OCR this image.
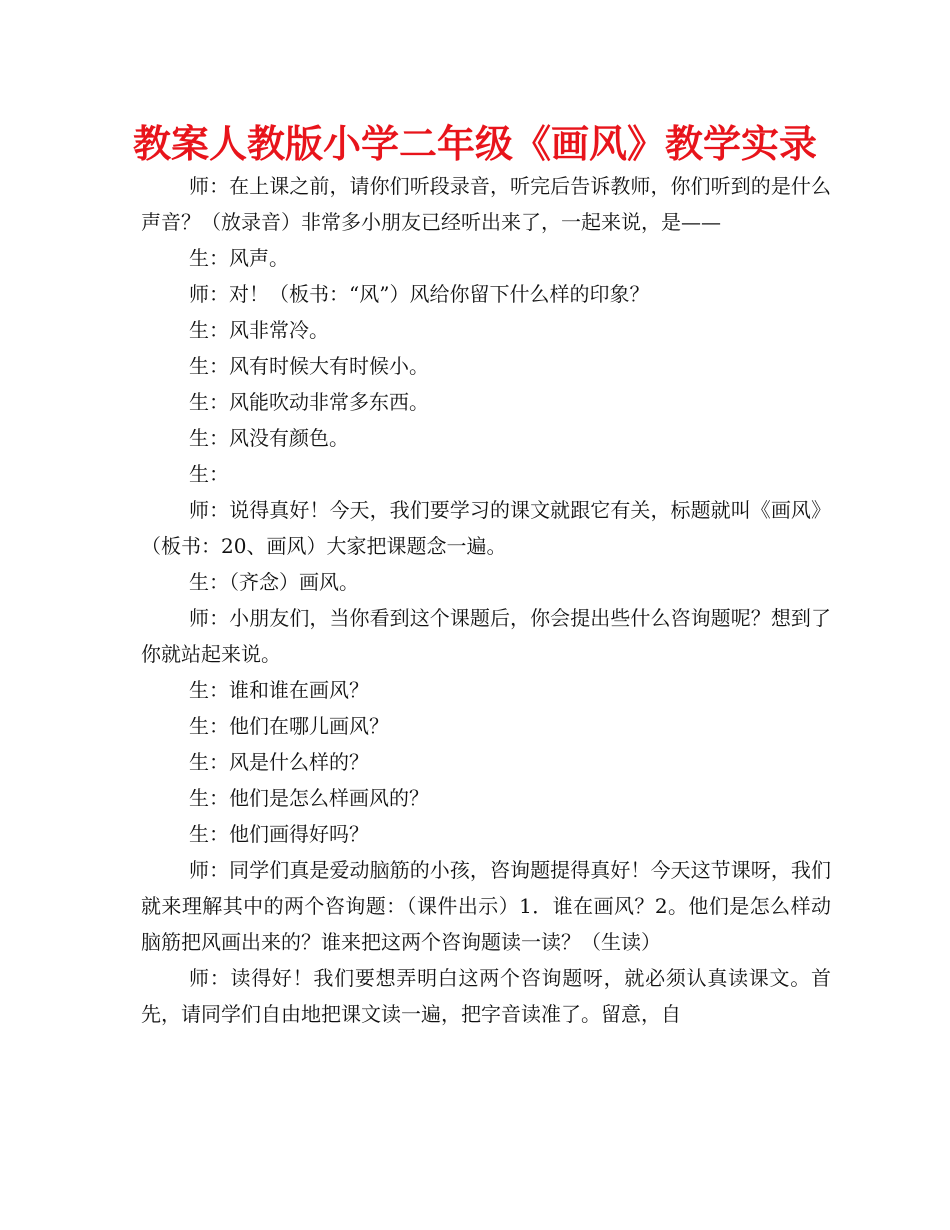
教案人教版小学二年级《画风》教学实录

师：在上课之前，请你们听段录音，听完后告诉教师，你们听到的是什么声音？（放录音）非常多小朋友已经听出来了，一起来说，是——

生：风声。

师：对！（板书：“风”）风给你留下什么样的印象？

生：风非常冷。

生：风有时候大有时候小。

生：风能吹动非常多东西。

生：风没有颜色。

生：

师：说得真好！今天，我们要学习的课文就跟它有关，标题就叫《画风》（板书：20、画风）大家把课题念一遍。

生：（齐念）画风。

师：小朋友们，当你看到这个课题后，你会提出些什么咨询题呢？想到了你就站起来说。

生：谁和谁在画风？

生：他们在哪儿画风？

生：风是什么样的？

生：他们是怎么样画风的？

生：他们画得好吗？

师：同学们真是爱动脑筋的小孩，咨询题提得真好！今天这节课呀，我们就来理解其中的两个咨询题：（课件出示）1．谁在画风？2。他们是怎么样动脑筋把风画出来的？谁来把这两个咨询题读一读？（生读）

师：读得好！我们要想弄明白这两个咨询题呀，就必须认真读课文。首先，请同学们自由地把课文读一遍，把字音读准了。留意，自
